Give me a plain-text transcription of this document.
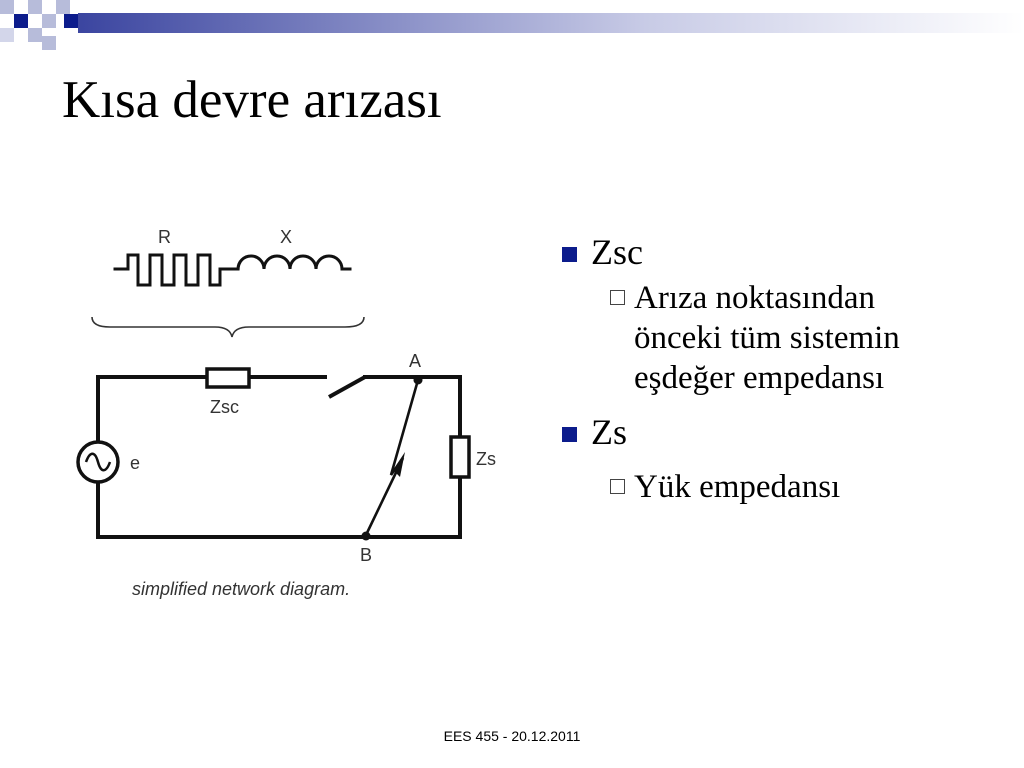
Kısa devre arızası
R	X
Zsc
e
A
Zs
B
simplified network diagram.
Zsc
Arıza noktasından önceki tüm sistemin eşdeğer empedansı
Zs
Yük empedansı
EES 455 - 20.12.2011
